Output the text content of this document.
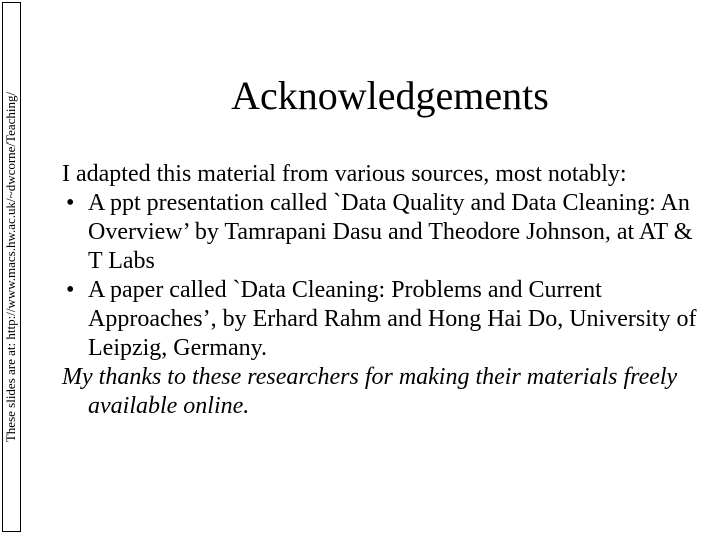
These slides are at: http://www.macs.hw.ac.uk/~dwcorne/Teaching/	Acknowledgements

I adapted this material from various sources, most notably:

• A ppt presentation called `Data Quality and Data Cleaning: An Overview’ by Tamrapani Dasu and Theodore Johnson, at AT & T Labs
• A paper called `Data Cleaning: Problems and Current Approaches’, by Erhard Rahm and Hong Hai Do, University of Leipzig, Germany.

My thanks to these researchers for making their materials freely available online.
